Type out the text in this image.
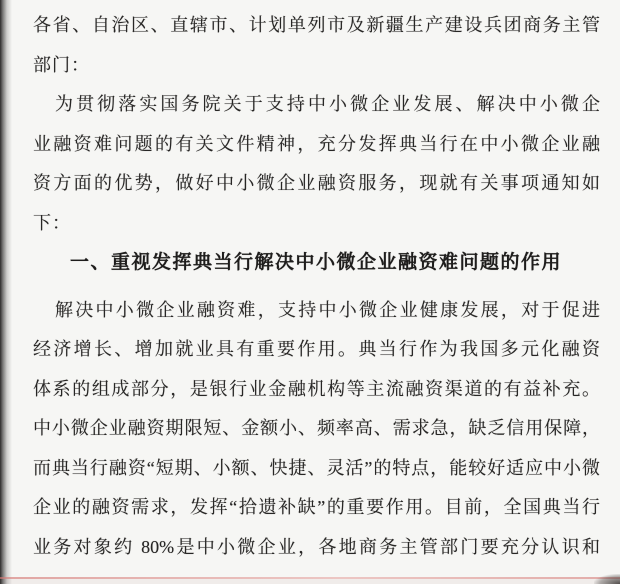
各省、自治区、直辖市、计划单列市及新疆生产建设兵团商务主管
部门：
为贯彻落实国务院关于支持中小微企业发展、解决中小微企
业融资难问题的有关文件精神，充分发挥典当行在中小微企业融
资方面的优势，做好中小微企业融资服务，现就有关事项通知如
下：
一、重视发挥典当行解决中小微企业融资难问题的作用
解决中小微企业融资难，支持中小微企业健康发展，对于促进
经济增长、增加就业具有重要作用。典当行作为我国多元化融资
体系的组成部分，是银行业金融机构等主流融资渠道的有益补充。
中小微企业融资期限短、金额小、频率高、需求急，缺乏信用保障，
而典当行融资“短期、小额、快捷、灵活”的特点，能较好适应中小微
企业的融资需求，发挥“拾遗补缺”的重要作用。目前，全国典当行
业务对象约 80%是中小微企业，各地商务主管部门要充分认识和
